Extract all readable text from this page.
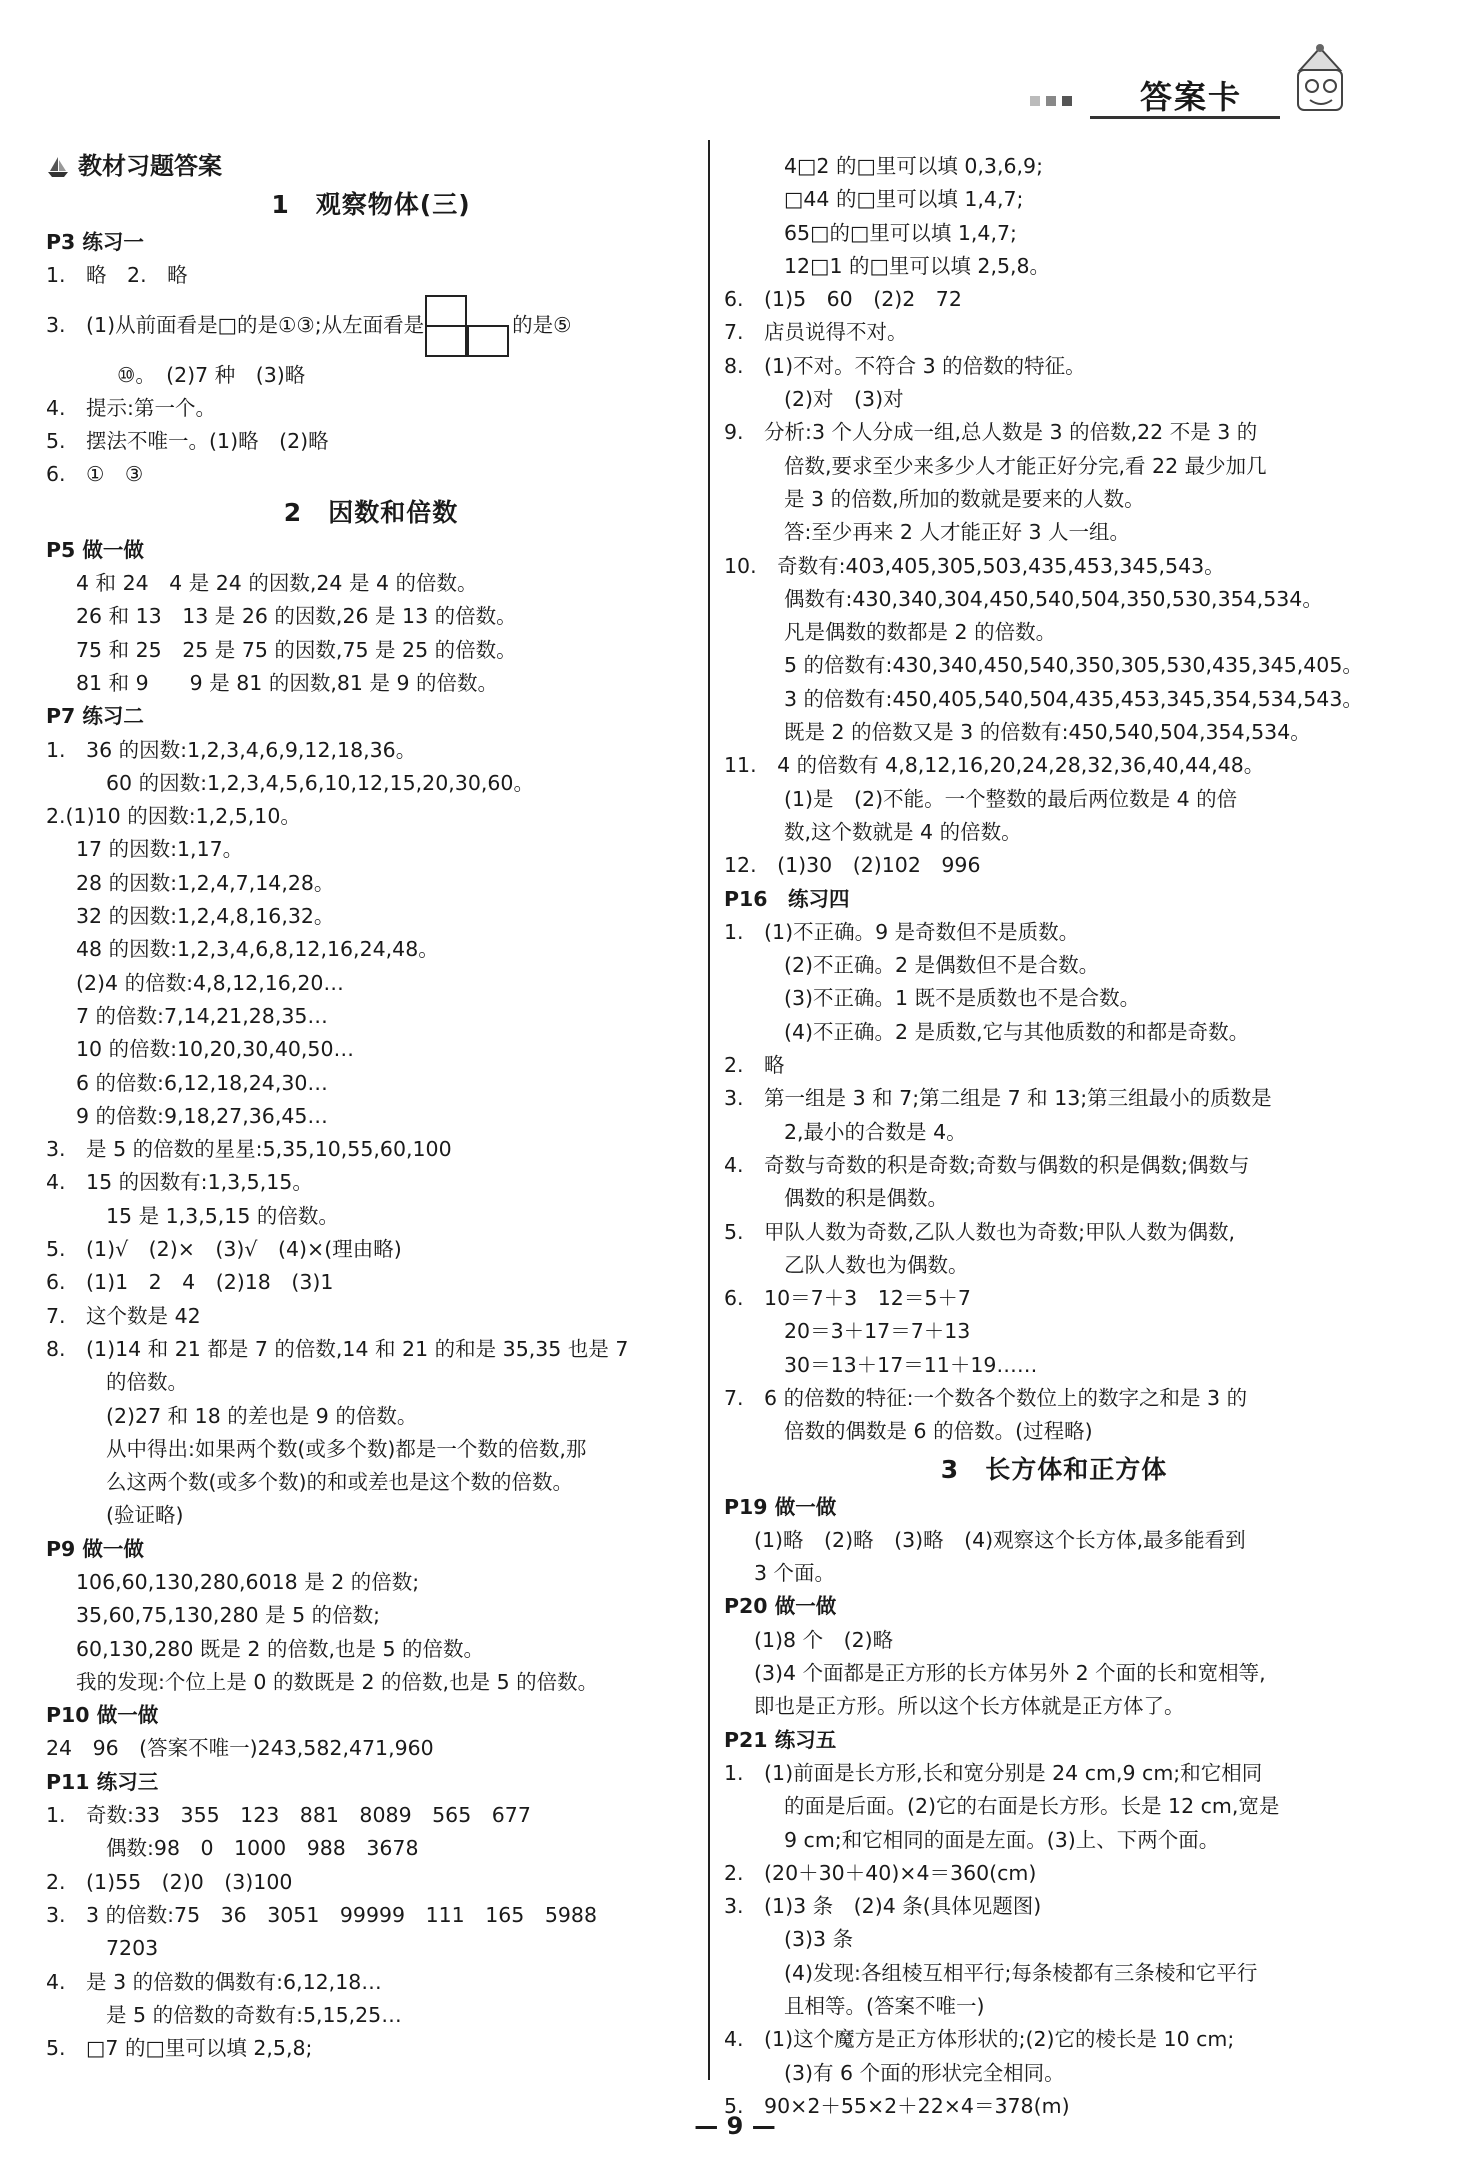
答案卡
教材习题答案
1　观察物体(三)
P3 练习一
1.　略　2.　略
3.　(1)从前面看是□的是①③;从左面看是	的是⑤
　　⑩。　(2)7 种　(3)略
4.　提示:第一个。
5.　摆法不唯一。(1)略　(2)略
6.　①　③
2　因数和倍数
P5 做一做
4 和 24　4 是 24 的因数,24 是 4 的倍数。
26 和 13　13 是 26 的因数,26 是 13 的倍数。
75 和 25　25 是 75 的因数,75 是 25 的倍数。
81 和 9　　9 是 81 的因数,81 是 9 的倍数。
P7 练习二
1.　36 的因数:1,2,3,4,6,9,12,18,36。
60 的因数:1,2,3,4,5,6,10,12,15,20,30,60。
2.(1)10 的因数:1,2,5,10。
17 的因数:1,17。
28 的因数:1,2,4,7,14,28。
32 的因数:1,2,4,8,16,32。
48 的因数:1,2,3,4,6,8,12,16,24,48。
(2)4 的倍数:4,8,12,16,20…
7 的倍数:7,14,21,28,35…
10 的倍数:10,20,30,40,50…
6 的倍数:6,12,18,24,30…
9 的倍数:9,18,27,36,45…
3.　是 5 的倍数的星星:5,35,10,55,60,100
4.　15 的因数有:1,3,5,15。
15 是 1,3,5,15 的倍数。
5.　(1)√　(2)×　(3)√　(4)×(理由略)
6.　(1)1　2　4　(2)18　(3)1
7.　这个数是 42
8.　(1)14 和 21 都是 7 的倍数,14 和 21 的和是 35,35 也是 7
的倍数。
(2)27 和 18 的差也是 9 的倍数。
从中得出:如果两个数(或多个数)都是一个数的倍数,那
么这两个数(或多个数)的和或差也是这个数的倍数。
(验证略)
P9 做一做
106,60,130,280,6018 是 2 的倍数;
35,60,75,130,280 是 5 的倍数;
60,130,280 既是 2 的倍数,也是 5 的倍数。
我的发现:个位上是 0 的数既是 2 的倍数,也是 5 的倍数。
P10 做一做
24　96　(答案不唯一)243,582,471,960
P11 练习三
1.　奇数:33　355　123　881　8089　565　677
偶数:98　0　1000　988　3678
2.　(1)55　(2)0　(3)100
3.　3 的倍数:75　36　3051　99999　111　165　5988
7203
4.　是 3 的倍数的偶数有:6,12,18…
是 5 的倍数的奇数有:5,15,25…
5.　□7 的□里可以填 2,5,8;
4□2 的□里可以填 0,3,6,9;
□44 的□里可以填 1,4,7;
65□的□里可以填 1,4,7;
12□1 的□里可以填 2,5,8。
6.　(1)5　60　(2)2　72
7.　店员说得不对。
8.　(1)不对。不符合 3 的倍数的特征。
(2)对　(3)对
9.　分析:3 个人分成一组,总人数是 3 的倍数,22 不是 3 的
倍数,要求至少来多少人才能正好分完,看 22 最少加几
是 3 的倍数,所加的数就是要来的人数。
答:至少再来 2 人才能正好 3 人一组。
10.　奇数有:403,405,305,503,435,453,345,543。
偶数有:430,340,304,450,540,504,350,530,354,534。
凡是偶数的数都是 2 的倍数。
5 的倍数有:430,340,450,540,350,305,530,435,345,405。
3 的倍数有:450,405,540,504,435,453,345,354,534,543。
既是 2 的倍数又是 3 的倍数有:450,540,504,354,534。
11.　4 的倍数有 4,8,12,16,20,24,28,32,36,40,44,48。
(1)是　(2)不能。一个整数的最后两位数是 4 的倍
数,这个数就是 4 的倍数。
12.　(1)30　(2)102　996
P16　练习四
1.　(1)不正确。9 是奇数但不是质数。
(2)不正确。2 是偶数但不是合数。
(3)不正确。1 既不是质数也不是合数。
(4)不正确。2 是质数,它与其他质数的和都是奇数。
2.　略
3.　第一组是 3 和 7;第二组是 7 和 13;第三组最小的质数是
2,最小的合数是 4。
4.　奇数与奇数的积是奇数;奇数与偶数的积是偶数;偶数与
偶数的积是偶数。
5.　甲队人数为奇数,乙队人数也为奇数;甲队人数为偶数,
乙队人数也为偶数。
6.　10＝7＋3　12＝5＋7
20＝3＋17＝7＋13
30＝13＋17＝11＋19……
7.　6 的倍数的特征:一个数各个数位上的数字之和是 3 的
倍数的偶数是 6 的倍数。(过程略)
3　长方体和正方体
P19 做一做
(1)略　(2)略　(3)略　(4)观察这个长方体,最多能看到
3 个面。
P20 做一做
(1)8 个　(2)略
(3)4 个面都是正方形的长方体另外 2 个面的长和宽相等,
即也是正方形。所以这个长方体就是正方体了。
P21 练习五
1.　(1)前面是长方形,长和宽分别是 24 cm,9 cm;和它相同
的面是后面。(2)它的右面是长方形。长是 12 cm,宽是
9 cm;和它相同的面是左面。(3)上、下两个面。
2.　(20＋30＋40)×4＝360(cm)
3.　(1)3 条　(2)4 条(具体见题图)
(3)3 条
(4)发现:各组棱互相平行;每条棱都有三条棱和它平行
且相等。(答案不唯一)
4.　(1)这个魔方是正方体形状的;(2)它的棱长是 10 cm;
(3)有 6 个面的形状完全相同。
5.　90×2＋55×2＋22×4＝378(m)
— 9 —
